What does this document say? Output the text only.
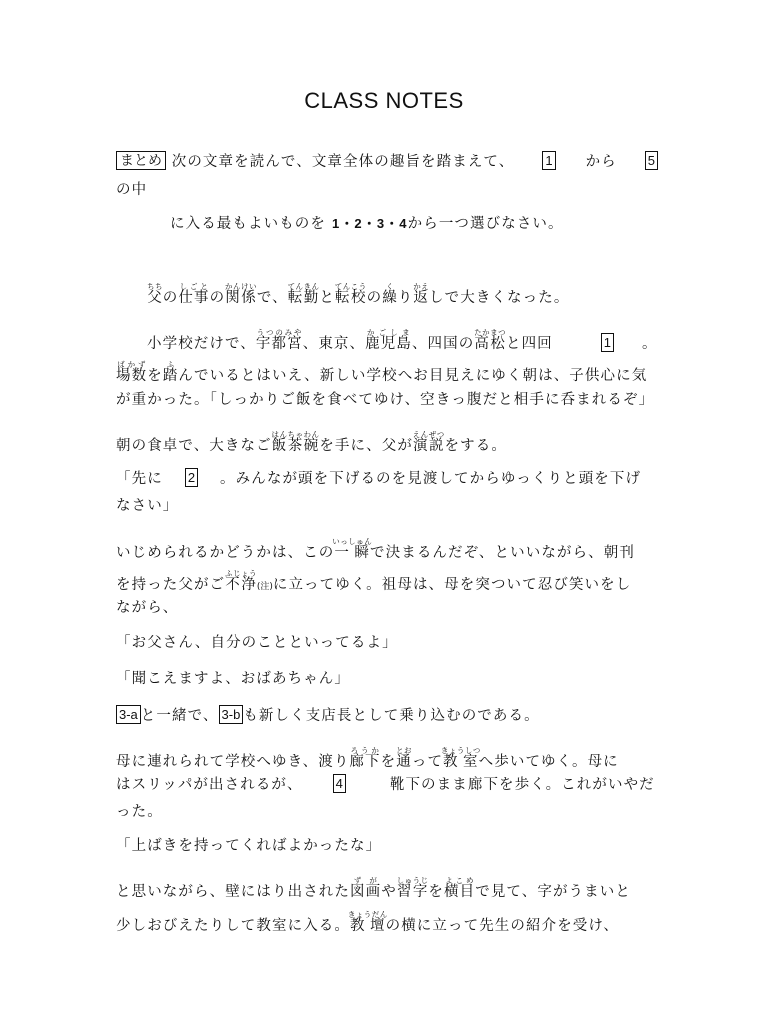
CLASS NOTES
まとめ 次の文章を読んで、文章全体の趣旨を踏まえて、 1 から 5
の中
に入る最もよいものを 1・2・3・4から一つ選びなさい。
父ちちの仕事しごとの関係かんけいで、転勤てんきんと転校てんこうの繰くり返かえしで大きくなった。
小学校だけで、宇都宮うつのみや、東京、鹿児島かごしま、四国の高松たかまつと四回	1 。
場数ばかずを踏ふんでいるとはいえ、新しい学校へお目見えにゆく朝は、子供心に気
が重かった。「しっかりご飯を食べてゆけ、空きっ腹だと相手に呑まれるぞ」
朝の食卓で、大きなご飯茶碗はんちゃわんを手に、父が演説えんぜつをする。
「先に 2 。みんなが頭を下げるのを見渡してからゆっくりと頭を下げ
なさい」
いじめられるかどうかは、この一瞬いっしゅんで決まるんだぞ、といいながら、朝刊
を持った父がご不浄ふじょう(注)に立ってゆく。祖母は、母を突ついて忍び笑いをし
ながら、
「お父さん、自分のことといってるよ」
「聞こえますよ、おばあちゃん」
3-a と一緒で、 3-b も新しく支店長として乗り込むのである。
母に連れられて学校へゆき、渡り廊下ろうかを通とおって教室きょうしつへ歩いてゆく。母に
はスリッパが出されるが、	4	靴下のまま廊下を歩く。これがいやだ
った。
「上ばきを持ってくればよかったな」
と思いながら、壁にはり出された図画ずがや習字しゅうじを横目よこめで見て、字がうまいと
少しおびえたりして教室に入る。教壇きょうだんの横に立って先生の紹介を受け、
